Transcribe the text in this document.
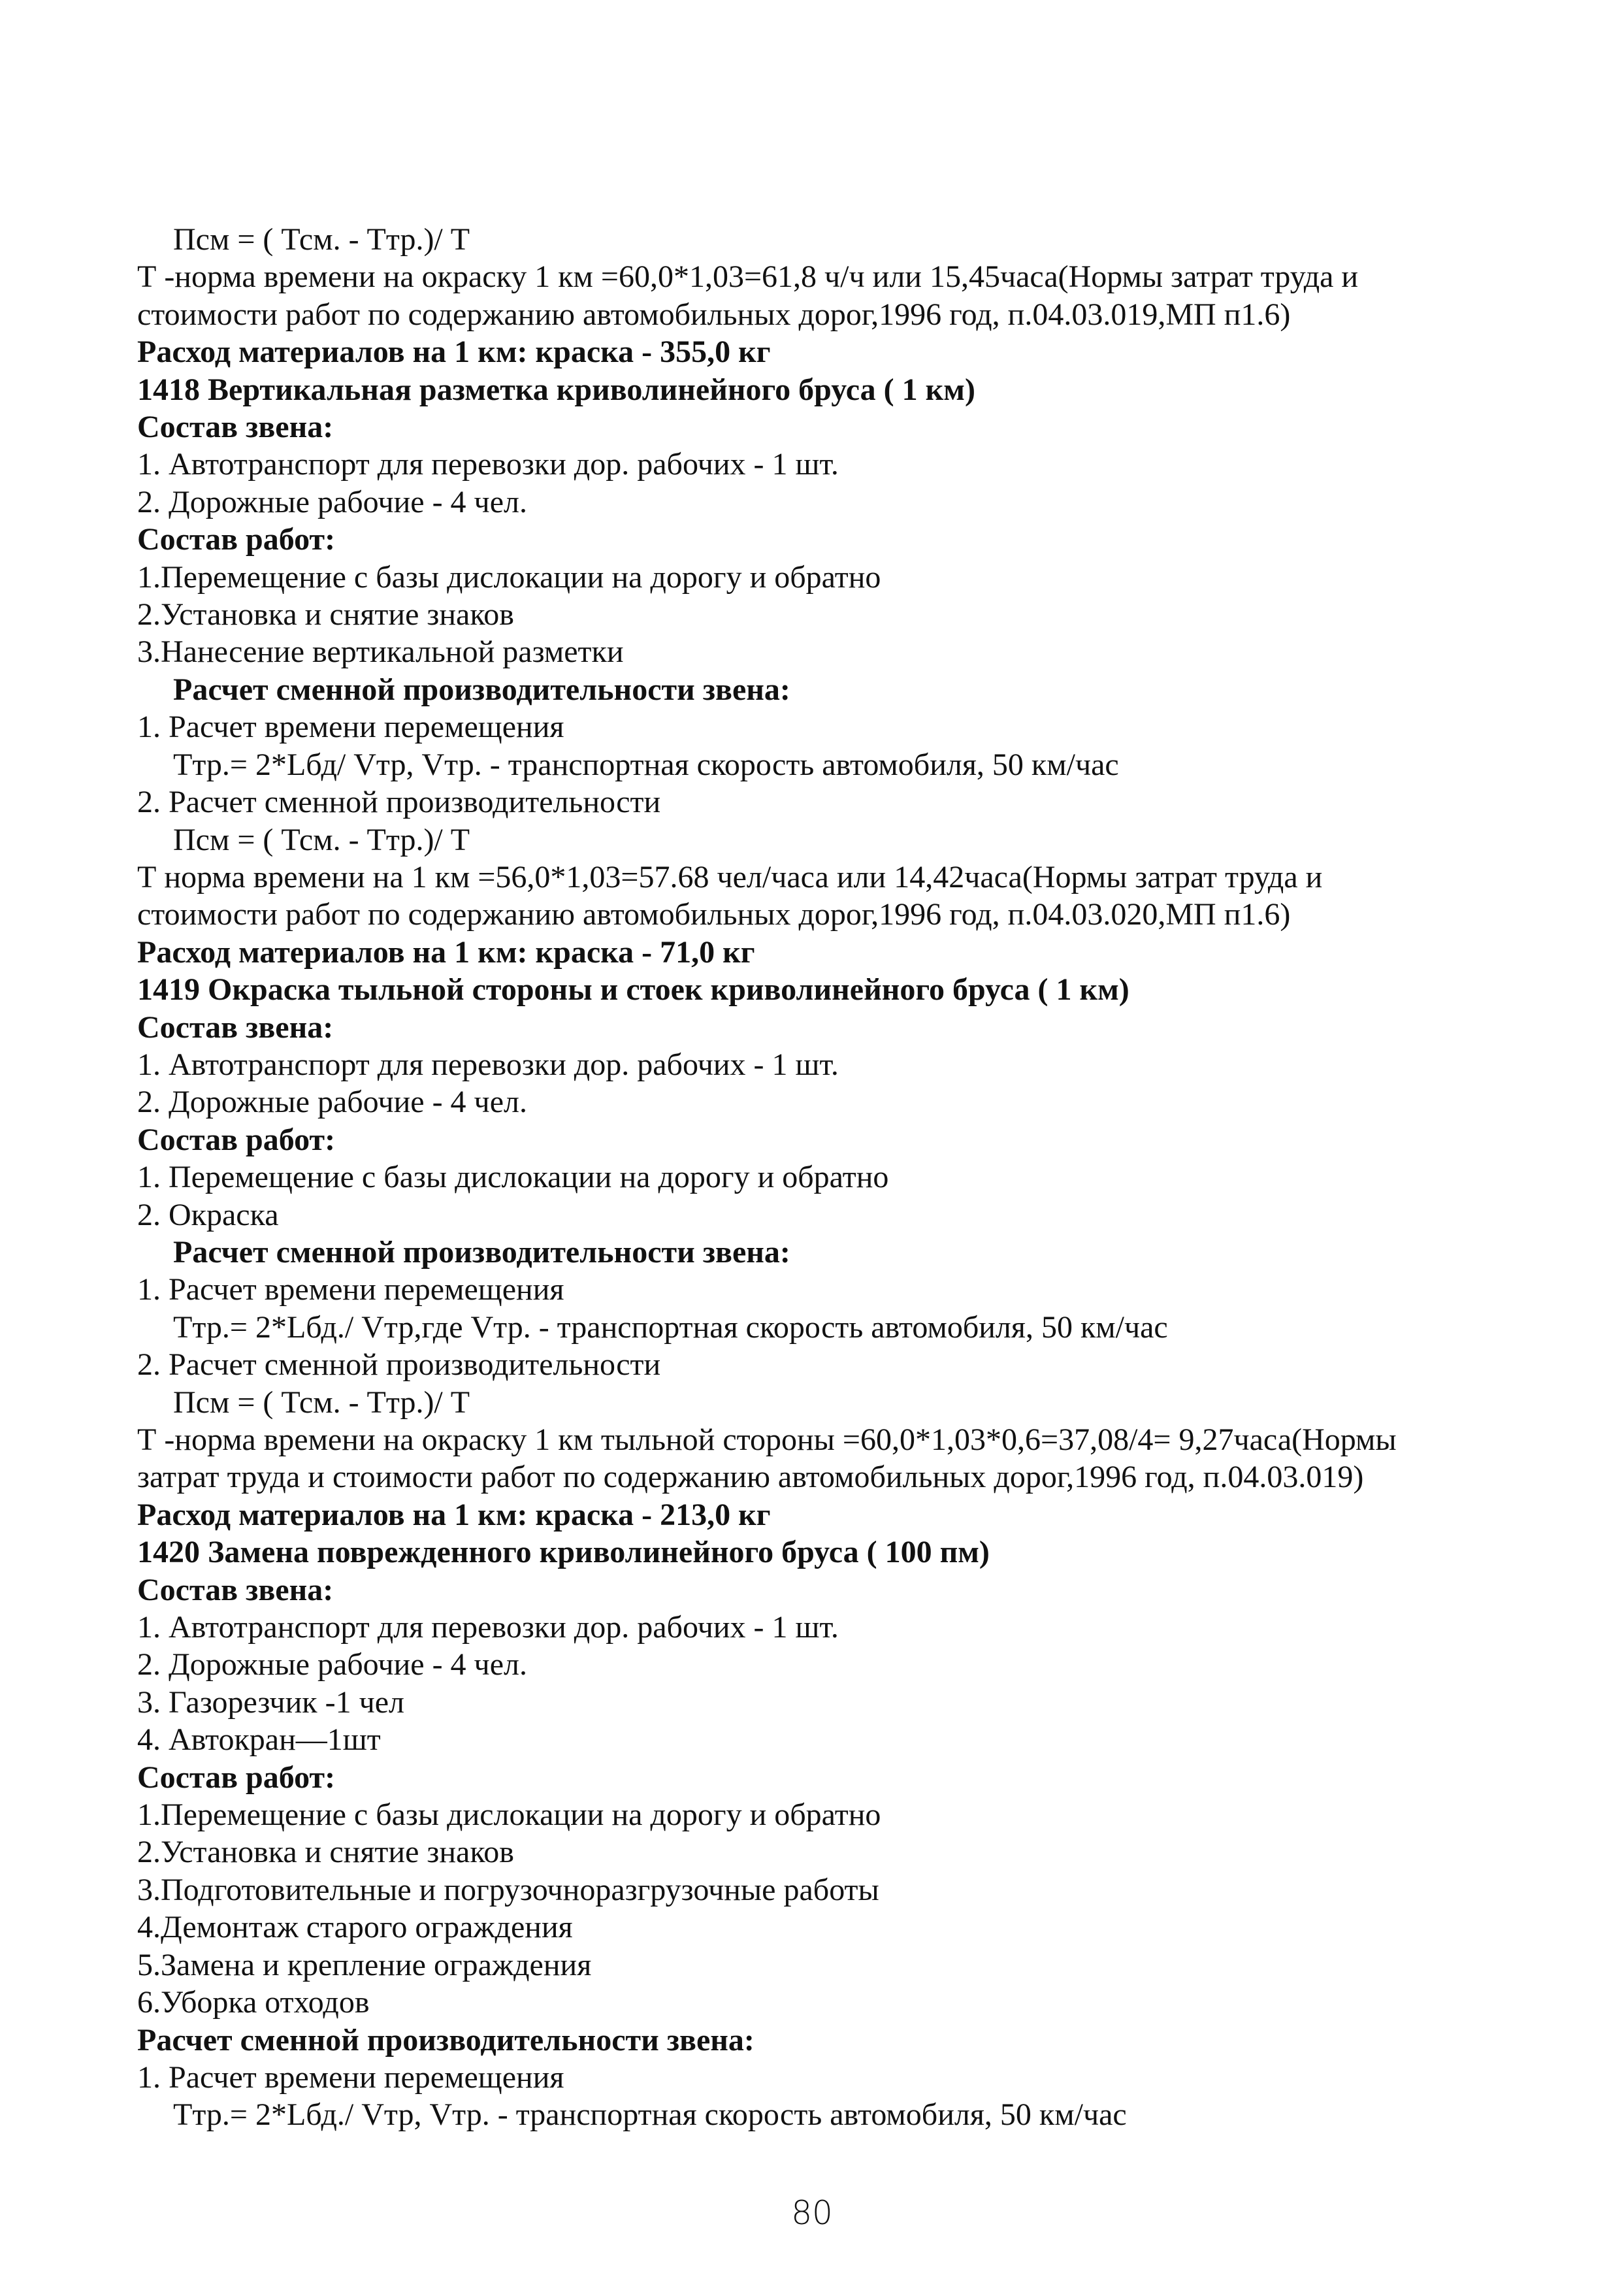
Псм = ( Тсм. - Ттр.)/ Т
Т -норма времени на окраску 1 км =60,0*1,03=61,8 ч/ч или 15,45часа(Нормы затрат труда и
стоимости работ по содержанию автомобильных дорог,1996 год, п.04.03.019,МП п1.6)
Расход материалов на 1 км: краска - 355,0 кг
1418 Вертикальная разметка криволинейного бруса ( 1 км)
Состав звена:
1. Автотранспорт для перевозки дор. рабочих - 1 шт.
2. Дорожные рабочие - 4 чел.
Состав работ:
1.Перемещение с базы дислокации на дорогу и обратно
2.Установка и снятие знаков
3.Нанесение вертикальной разметки
Расчет сменной производительности звена:
1. Расчет времени перемещения
Ттр.= 2*Lбд/ Vтр, Vтр. - транспортная скорость автомобиля, 50 км/час
2. Расчет сменной производительности
Псм = ( Тсм. - Ттр.)/ Т
Т норма времени на 1 км =56,0*1,03=57.68 чел/часа или 14,42часа(Нормы затрат труда и
стоимости работ по содержанию автомобильных дорог,1996 год, п.04.03.020,МП п1.6)
Расход материалов на 1 км: краска - 71,0 кг
1419 Окраска тыльной стороны и стоек криволинейного бруса ( 1 км)
Состав звена:
1. Автотранспорт для перевозки дор. рабочих - 1 шт.
2. Дорожные рабочие - 4 чел.
Состав работ:
1. Перемещение с базы дислокации на дорогу и обратно
2. Окраска
Расчет сменной производительности звена:
1. Расчет времени перемещения
Ттр.= 2*Lбд./ Vтр,где Vтр. - транспортная скорость автомобиля, 50 км/час
2. Расчет сменной производительности
Псм = ( Тсм. - Ттр.)/ Т
Т -норма времени на окраску 1 км тыльной стороны =60,0*1,03*0,6=37,08/4= 9,27часа(Нормы
затрат труда и стоимости работ по содержанию автомобильных дорог,1996 год, п.04.03.019)
Расход материалов на 1 км: краска - 213,0 кг
1420 Замена поврежденного криволинейного бруса ( 100 пм)
Состав звена:
1. Автотранспорт для перевозки дор. рабочих - 1 шт.
2. Дорожные рабочие - 4 чел.
3. Газорезчик -1 чел
4. Автокран—1шт
Состав работ:
1.Перемещение с базы дислокации на дорогу и обратно
2.Установка и снятие знаков
3.Подготовительные и погрузочноразгрузочные работы
4.Демонтаж старого ограждения
5.Замена и крепление ограждения
6.Уборка отходов
Расчет сменной производительности звена:
1. Расчет времени перемещения
Ттр.= 2*Lбд./ Vтр, Vтр. - транспортная скорость автомобиля, 50 км/час
80
